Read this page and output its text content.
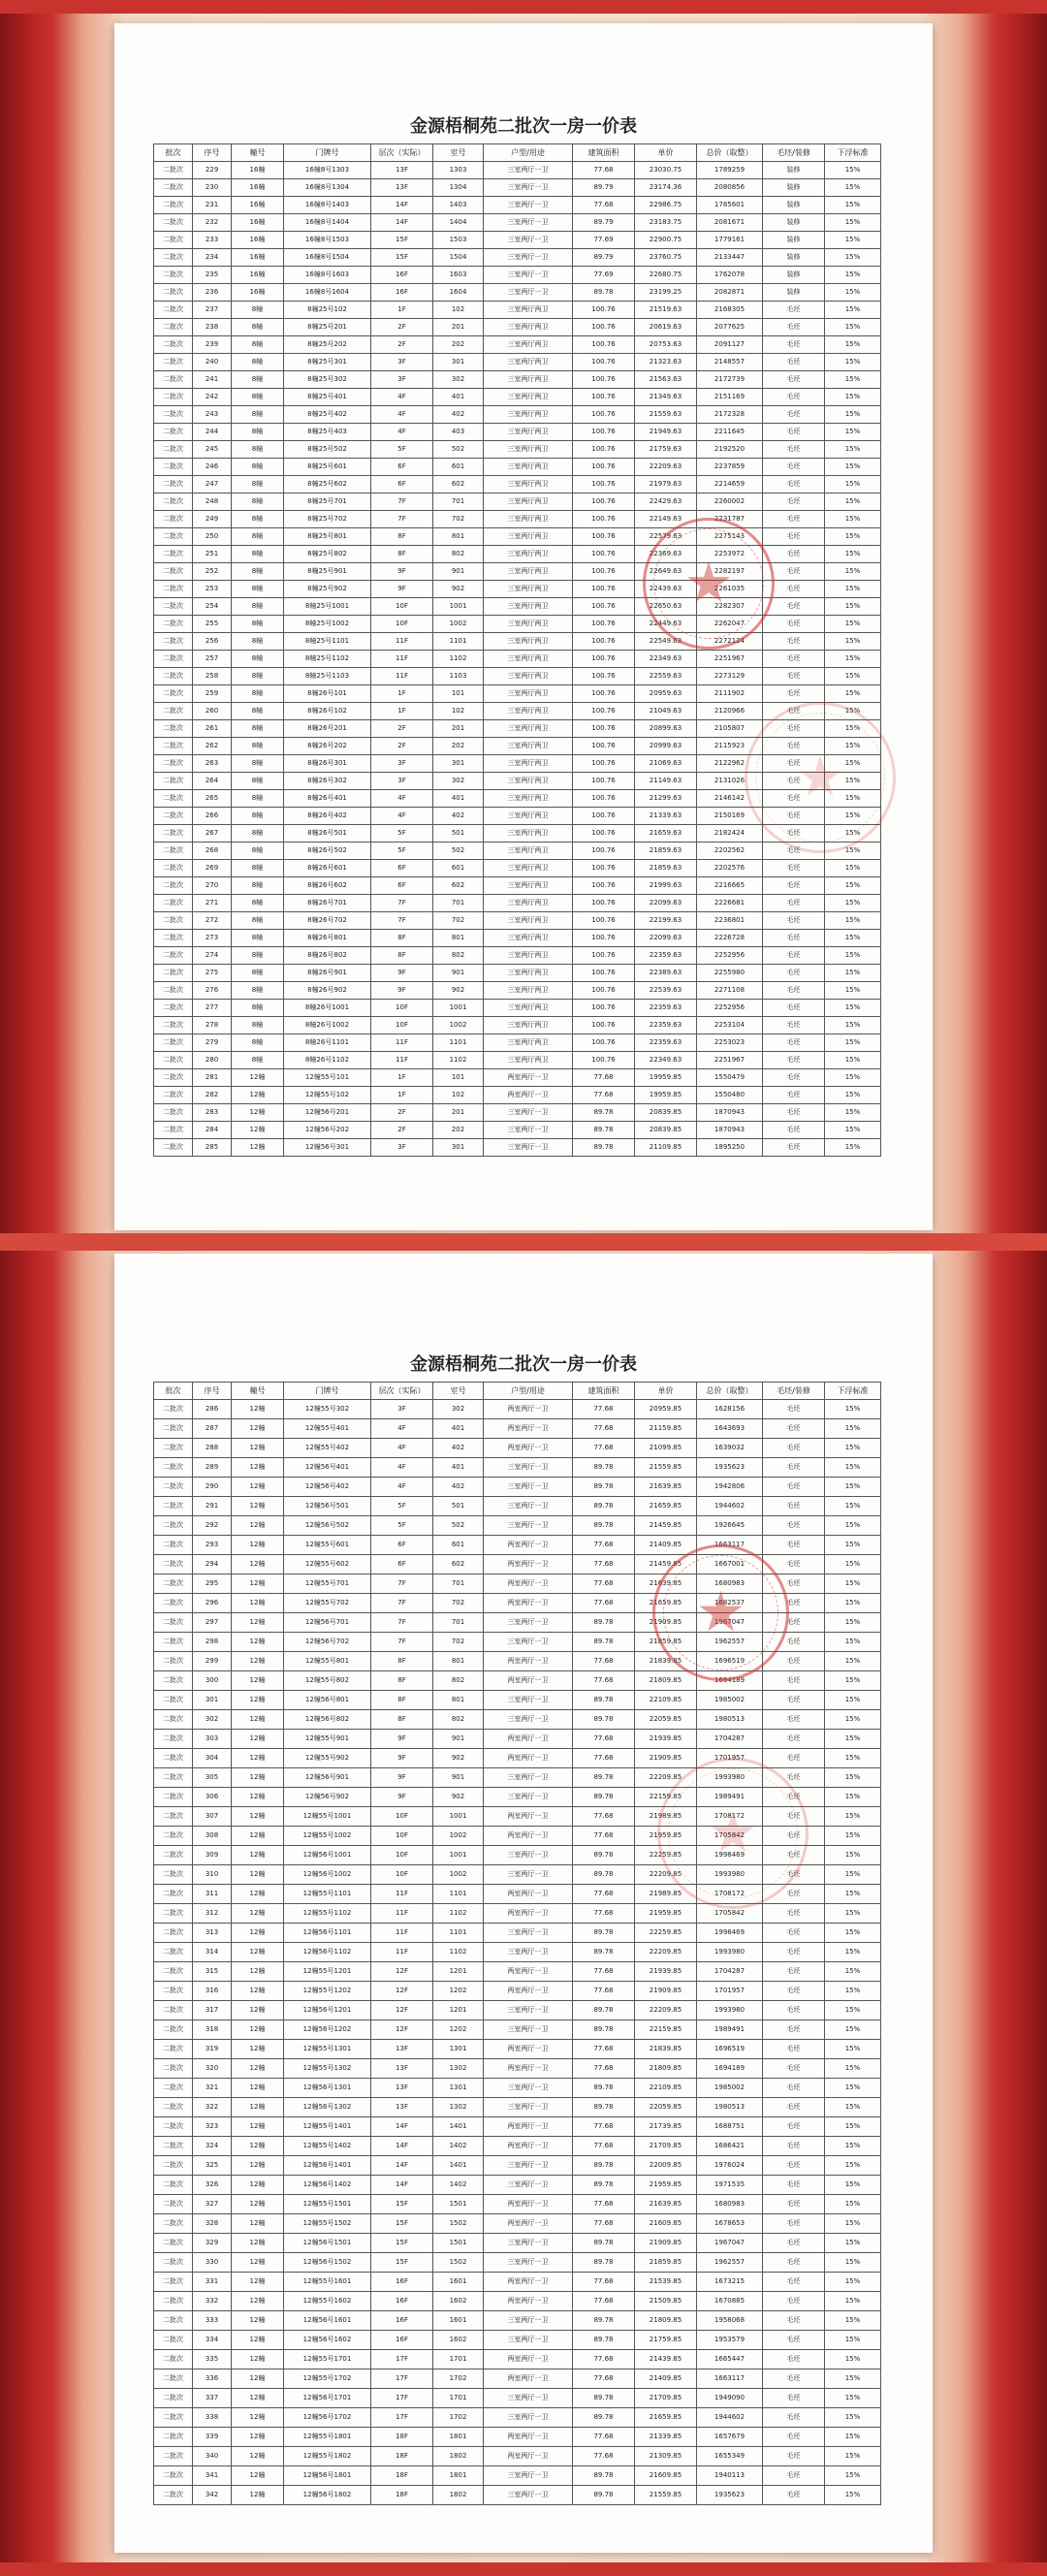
金源梧桐苑二批次一房一价表
批次	序号	幢号	门牌号	层次（实际）	室号	户型/用途	建筑面积	单价	总价（取整）	毛坯/装修	下浮标准
二批次	229	16幢	16幢8号1303	13F	1303	三室两厅一卫	77.68	23030.75	1789259	装修	15%
二批次	230	16幢	16幢8号1304	13F	1304	三室两厅一卫	89.79	23174.36	2080856	装修	15%
二批次	231	16幢	16幢8号1403	14F	1403	三室两厅一卫	77.68	22986.75	1785601	装修	15%
二批次	232	16幢	16幢8号1404	14F	1404	三室两厅一卫	89.79	23183.75	2081671	装修	15%
二批次	233	16幢	16幢8号1503	15F	1503	三室两厅一卫	77.69	22900.75	1779161	装修	15%
二批次	234	16幢	16幢8号1504	15F	1504	三室两厅一卫	89.79	23760.75	2133447	装修	15%
二批次	235	16幢	16幢8号1603	16F	1603	三室两厅一卫	77.69	22680.75	1762078	装修	15%
二批次	236	16幢	16幢8号1604	16F	1604	三室两厅一卫	89.78	23199.25	2082871	装修	15%
二批次	237	8幢	8幢25号102	1F	102	三室两厅两卫	100.76	21519.63	2168305	毛坯	15%
二批次	238	8幢	8幢25号201	2F	201	三室两厅两卫	100.76	20619.63	2077625	毛坯	15%
二批次	239	8幢	8幢25号202	2F	202	三室两厅两卫	100.76	20753.63	2091127	毛坯	15%
二批次	240	8幢	8幢25号301	3F	301	三室两厅两卫	100.76	21323.63	2148557	毛坯	15%
二批次	241	8幢	8幢25号302	3F	302	三室两厅两卫	100.76	21563.63	2172739	毛坯	15%
二批次	242	8幢	8幢25号401	4F	401	三室两厅两卫	100.76	21349.63	2151169	毛坯	15%
二批次	243	8幢	8幢25号402	4F	402	三室两厅两卫	100.76	21559.63	2172328	毛坯	15%
二批次	244	8幢	8幢25号403	4F	403	三室两厅两卫	100.76	21949.63	2211645	毛坯	15%
二批次	245	8幢	8幢25号502	5F	502	三室两厅两卫	100.76	21759.63	2192520	毛坯	15%
二批次	246	8幢	8幢25号601	6F	601	三室两厅两卫	100.76	22209.63	2237859	毛坯	15%
二批次	247	8幢	8幢25号602	6F	602	三室两厅两卫	100.76	21979.63	2214659	毛坯	15%
二批次	248	8幢	8幢25号701	7F	701	三室两厅两卫	100.76	22429.63	2260002	毛坯	15%
二批次	249	8幢	8幢25号702	7F	702	三室两厅两卫	100.76	22149.63	2231787	毛坯	15%
二批次	250	8幢	8幢25号801	8F	801	三室两厅两卫	100.76	22579.63	2275143	毛坯	15%
二批次	251	8幢	8幢25号802	8F	802	三室两厅两卫	100.76	22369.63	2253972	毛坯	15%
二批次	252	8幢	8幢25号901	9F	901	三室两厅两卫	100.76	22649.63	2282197	毛坯	15%
二批次	253	8幢	8幢25号902	9F	902	三室两厅两卫	100.76	22439.63	2261035	毛坯	15%
二批次	254	8幢	8幢25号1001	10F	1001	三室两厅两卫	100.76	22650.63	2282307	毛坯	15%
二批次	255	8幢	8幢25号1002	10F	1002	三室两厅两卫	100.76	22449.63	2262047	毛坯	15%
二批次	256	8幢	8幢25号1101	11F	1101	三室两厅两卫	100.76	22549.63	2272124	毛坯	15%
二批次	257	8幢	8幢25号1102	11F	1102	三室两厅两卫	100.76	22349.63	2251967	毛坯	15%
二批次	258	8幢	8幢25号1103	11F	1103	三室两厅两卫	100.76	22559.63	2273129	毛坯	15%
二批次	259	8幢	8幢26号101	1F	101	三室两厅两卫	100.76	20959.63	2111902	毛坯	15%
二批次	260	8幢	8幢26号102	1F	102	三室两厅两卫	100.76	21049.63	2120966	毛坯	15%
二批次	261	8幢	8幢26号201	2F	201	三室两厅两卫	100.76	20899.63	2105807	毛坯	15%
二批次	262	8幢	8幢26号202	2F	202	三室两厅两卫	100.76	20999.63	2115923	毛坯	15%
二批次	263	8幢	8幢26号301	3F	301	三室两厅两卫	100.76	21069.63	2122962	毛坯	15%
二批次	264	8幢	8幢26号302	3F	302	三室两厅两卫	100.76	21149.63	2131026	毛坯	15%
二批次	265	8幢	8幢26号401	4F	401	三室两厅两卫	100.76	21299.63	2146142	毛坯	15%
二批次	266	8幢	8幢26号402	4F	402	三室两厅两卫	100.76	21339.63	2150169	毛坯	15%
二批次	267	8幢	8幢26号501	5F	501	三室两厅两卫	100.76	21659.63	2182424	毛坯	15%
二批次	268	8幢	8幢26号502	5F	502	三室两厅两卫	100.76	21859.63	2202562	毛坯	15%
二批次	269	8幢	8幢26号601	6F	601	三室两厅两卫	100.76	21859.63	2202576	毛坯	15%
二批次	270	8幢	8幢26号602	6F	602	三室两厅两卫	100.76	21999.63	2216665	毛坯	15%
二批次	271	8幢	8幢26号701	7F	701	三室两厅两卫	100.76	22099.63	2226681	毛坯	15%
二批次	272	8幢	8幢26号702	7F	702	三室两厅两卫	100.76	22199.63	2236801	毛坯	15%
二批次	273	8幢	8幢26号801	8F	801	三室两厅两卫	100.76	22099.63	2226728	毛坯	15%
二批次	274	8幢	8幢26号802	8F	802	三室两厅两卫	100.76	22359.63	2252956	毛坯	15%
二批次	275	8幢	8幢26号901	9F	901	三室两厅两卫	100.76	22389.63	2255980	毛坯	15%
二批次	276	8幢	8幢26号902	9F	902	三室两厅两卫	100.76	22539.63	2271108	毛坯	15%
二批次	277	8幢	8幢26号1001	10F	1001	三室两厅两卫	100.76	22359.63	2252956	毛坯	15%
二批次	278	8幢	8幢26号1002	10F	1002	三室两厅两卫	100.76	22359.63	2253104	毛坯	15%
二批次	279	8幢	8幢26号1101	11F	1101	三室两厅两卫	100.76	22359.63	2253023	毛坯	15%
二批次	280	8幢	8幢26号1102	11F	1102	三室两厅两卫	100.76	22349.63	2251967	毛坯	15%
二批次	281	12幢	12幢55号101	1F	101	两室两厅一卫	77.68	19959.85	1550479	毛坯	15%
二批次	282	12幢	12幢55号102	1F	102	两室两厅一卫	77.68	19959.85	1550480	毛坯	15%
二批次	283	12幢	12幢56号201	2F	201	三室两厅一卫	89.78	20839.85	1870943	毛坯	15%
二批次	284	12幢	12幢56号202	2F	202	三室两厅一卫	89.78	20839.85	1870943	毛坯	15%
二批次	285	12幢	12幢56号301	3F	301	三室两厅一卫	89.78	21109.85	1895250	毛坯	15%
金源梧桐苑二批次一房一价表
批次	序号	幢号	门牌号	层次（实际）	室号	户型/用途	建筑面积	单价	总价（取整）	毛坯/装修	下浮标准
二批次	286	12幢	12幢55号302	3F	302	两室两厅一卫	77.68	20959.85	1628156	毛坯	15%
二批次	287	12幢	12幢55号401	4F	401	两室两厅一卫	77.68	21159.85	1643693	毛坯	15%
二批次	288	12幢	12幢55号402	4F	402	两室两厅一卫	77.68	21099.85	1639032	毛坯	15%
二批次	289	12幢	12幢56号401	4F	401	三室两厅一卫	89.78	21559.85	1935623	毛坯	15%
二批次	290	12幢	12幢56号402	4F	402	三室两厅一卫	89.78	21639.85	1942806	毛坯	15%
二批次	291	12幢	12幢56号501	5F	501	三室两厅一卫	89.78	21659.85	1944602	毛坯	15%
二批次	292	12幢	12幢56号502	5F	502	三室两厅一卫	89.78	21459.85	1926645	毛坯	15%
二批次	293	12幢	12幢55号601	6F	601	两室两厅一卫	77.68	21409.85	1663117	毛坯	15%
二批次	294	12幢	12幢55号602	6F	602	两室两厅一卫	77.68	21459.85	1667001	毛坯	15%
二批次	295	12幢	12幢55号701	7F	701	两室两厅一卫	77.68	21639.85	1680983	毛坯	15%
二批次	296	12幢	12幢55号702	7F	702	两室两厅一卫	77.68	21659.85	1682537	毛坯	15%
二批次	297	12幢	12幢56号701	7F	701	三室两厅一卫	89.78	21909.85	1967047	毛坯	15%
二批次	298	12幢	12幢56号702	7F	702	三室两厅一卫	89.78	21859.85	1962557	毛坯	15%
二批次	299	12幢	12幢55号801	8F	801	两室两厅一卫	77.68	21839.85	1696519	毛坯	15%
二批次	300	12幢	12幢55号802	8F	802	两室两厅一卫	77.68	21809.85	1694189	毛坯	15%
二批次	301	12幢	12幢56号801	8F	801	三室两厅一卫	89.78	22109.85	1985002	毛坯	15%
二批次	302	12幢	12幢56号802	8F	802	三室两厅一卫	89.78	22059.85	1980513	毛坯	15%
二批次	303	12幢	12幢55号901	9F	901	两室两厅一卫	77.68	21939.85	1704287	毛坯	15%
二批次	304	12幢	12幢55号902	9F	902	两室两厅一卫	77.68	21909.85	1701957	毛坯	15%
二批次	305	12幢	12幢56号901	9F	901	三室两厅一卫	89.78	22209.85	1993980	毛坯	15%
二批次	306	12幢	12幢56号902	9F	902	三室两厅一卫	89.78	22159.85	1989491	毛坯	15%
二批次	307	12幢	12幢55号1001	10F	1001	两室两厅一卫	77.68	21989.85	1708172	毛坯	15%
二批次	308	12幢	12幢55号1002	10F	1002	两室两厅一卫	77.68	21959.85	1705842	毛坯	15%
二批次	309	12幢	12幢56号1001	10F	1001	三室两厅一卫	89.78	22259.85	1998469	毛坯	15%
二批次	310	12幢	12幢56号1002	10F	1002	三室两厅一卫	89.78	22209.85	1993980	毛坯	15%
二批次	311	12幢	12幢55号1101	11F	1101	两室两厅一卫	77.68	21989.85	1708172	毛坯	15%
二批次	312	12幢	12幢55号1102	11F	1102	两室两厅一卫	77.68	21959.85	1705842	毛坯	15%
二批次	313	12幢	12幢56号1101	11F	1101	三室两厅一卫	89.78	22259.85	1998469	毛坯	15%
二批次	314	12幢	12幢56号1102	11F	1102	三室两厅一卫	89.78	22209.85	1993980	毛坯	15%
二批次	315	12幢	12幢55号1201	12F	1201	两室两厅一卫	77.68	21939.85	1704287	毛坯	15%
二批次	316	12幢	12幢55号1202	12F	1202	两室两厅一卫	77.68	21909.85	1701957	毛坯	15%
二批次	317	12幢	12幢56号1201	12F	1201	三室两厅一卫	89.78	22209.85	1993980	毛坯	15%
二批次	318	12幢	12幢56号1202	12F	1202	三室两厅一卫	89.78	22159.85	1989491	毛坯	15%
二批次	319	12幢	12幢55号1301	13F	1301	两室两厅一卫	77.68	21839.85	1696519	毛坯	15%
二批次	320	12幢	12幢55号1302	13F	1302	两室两厅一卫	77.68	21809.85	1694189	毛坯	15%
二批次	321	12幢	12幢56号1301	13F	1301	三室两厅一卫	89.78	22109.85	1985002	毛坯	15%
二批次	322	12幢	12幢56号1302	13F	1302	三室两厅一卫	89.78	22059.85	1980513	毛坯	15%
二批次	323	12幢	12幢55号1401	14F	1401	两室两厅一卫	77.68	21739.85	1688751	毛坯	15%
二批次	324	12幢	12幢55号1402	14F	1402	两室两厅一卫	77.68	21709.85	1686421	毛坯	15%
二批次	325	12幢	12幢56号1401	14F	1401	三室两厅一卫	89.78	22009.85	1976024	毛坯	15%
二批次	326	12幢	12幢56号1402	14F	1402	三室两厅一卫	89.78	21959.85	1971535	毛坯	15%
二批次	327	12幢	12幢55号1501	15F	1501	两室两厅一卫	77.68	21639.85	1680983	毛坯	15%
二批次	328	12幢	12幢55号1502	15F	1502	两室两厅一卫	77.68	21609.85	1678653	毛坯	15%
二批次	329	12幢	12幢56号1501	15F	1501	三室两厅一卫	89.78	21909.85	1967047	毛坯	15%
二批次	330	12幢	12幢56号1502	15F	1502	三室两厅一卫	89.78	21859.85	1962557	毛坯	15%
二批次	331	12幢	12幢55号1601	16F	1601	两室两厅一卫	77.68	21539.85	1673215	毛坯	15%
二批次	332	12幢	12幢55号1602	16F	1602	两室两厅一卫	77.68	21509.85	1670885	毛坯	15%
二批次	333	12幢	12幢56号1601	16F	1601	三室两厅一卫	89.78	21809.85	1958068	毛坯	15%
二批次	334	12幢	12幢56号1602	16F	1602	三室两厅一卫	89.78	21759.85	1953579	毛坯	15%
二批次	335	12幢	12幢55号1701	17F	1701	两室两厅一卫	77.68	21439.85	1665447	毛坯	15%
二批次	336	12幢	12幢55号1702	17F	1702	两室两厅一卫	77.68	21409.85	1663117	毛坯	15%
二批次	337	12幢	12幢56号1701	17F	1701	三室两厅一卫	89.78	21709.85	1949090	毛坯	15%
二批次	338	12幢	12幢56号1702	17F	1702	三室两厅一卫	89.78	21659.85	1944602	毛坯	15%
二批次	339	12幢	12幢55号1801	18F	1801	两室两厅一卫	77.68	21339.85	1657679	毛坯	15%
二批次	340	12幢	12幢55号1802	18F	1802	两室两厅一卫	77.68	21309.85	1655349	毛坯	15%
二批次	341	12幢	12幢56号1801	18F	1801	三室两厅一卫	89.78	21609.85	1940113	毛坯	15%
二批次	342	12幢	12幢56号1802	18F	1802	三室两厅一卫	89.78	21559.85	1935623	毛坯	15%
